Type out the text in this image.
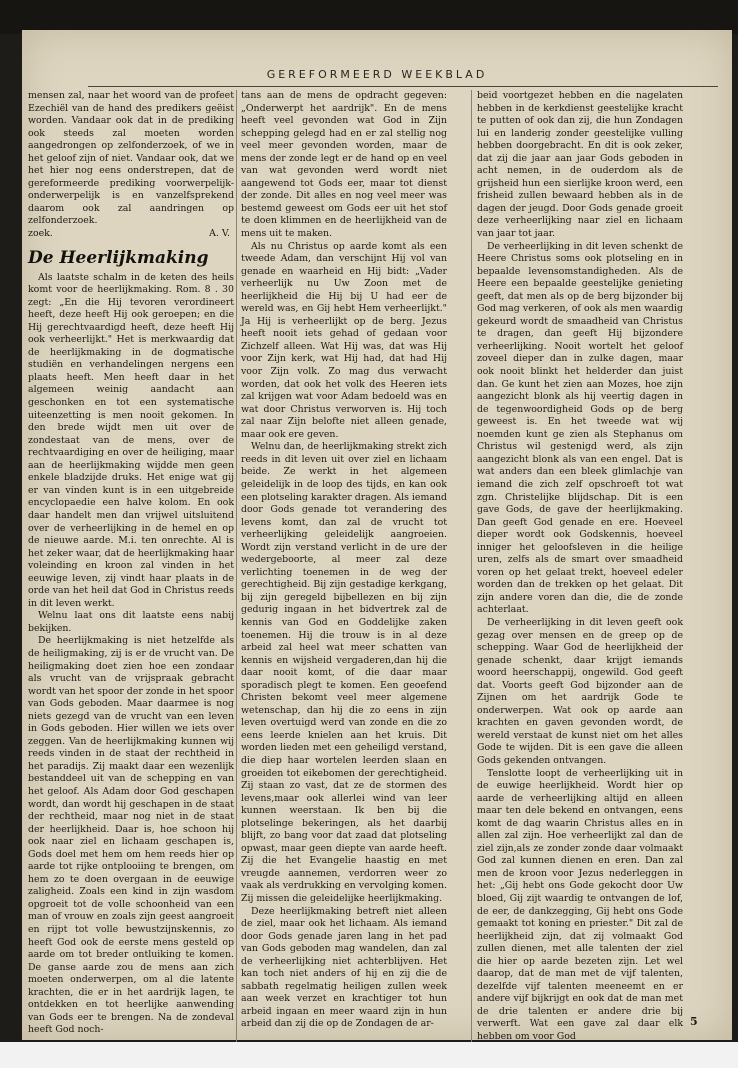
GEREFORMEERD WEEKBLAD

mensen zal, naar het woord van de profeet Ezechiël van de hand des predikers geëist worden. Vandaar ook dat in de prediking ook steeds zal moeten worden aangedrongen op zelfonderzoek, of we in het geloof zijn of niet. Vandaar ook, dat we het hier nog eens onderstrepen, dat de gereformeerde prediking voorwerpelijk-onderwerpelijk is en vanzelfsprekend daarom ook zal aandringen op zelfonderzoek.

zoek.	A. V.
De Heerlijkmaking

Als laatste schalm in de keten des heils komt voor de heerlijkmaking. Rom. 8 . 30 zegt: „En die Hij tevoren verordineert heeft, deze heeft Hij ook geroepen; en die Hij gerechtvaardigd heeft, deze heeft Hij ook verheerlijkt." Het is merkwaardig dat de heerlijkmaking in de dogmatische studiën en verhandelingen nergens een plaats heeft. Men heeft daar in het algemeen weinig aandacht aan geschonken en tot een systematische uiteenzetting is men nooit gekomen. In den brede wijdt men uit over de zondestaat van de mens, over de rechtvaardiging en over de heiliging, maar aan de heerlijkmaking wijdde men geen enkele bladzijde druks. Het enige wat gij er van vinden kunt is in een uitgebreide encyclopaedie een halve kolom. En ook daar handelt men dan vrijwel uitsluitend over de verheerlijking in de hemel en op de nieuwe aarde. M.i. ten onrechte. Al is het zeker waar, dat de heerlijkmaking haar voleinding en kroon zal vinden in het eeuwige leven, zij vindt haar plaats in de orde van het heil dat God in Christus reeds in dit leven werkt.

Welnu laat ons dit laatste eens nabij bekijken.

De heerlijkmaking is niet hetzelfde als de heiligmaking, zij is er de vrucht van. De heiligmaking doet zien hoe een zondaar als vrucht van de vrijspraak gebracht wordt van het spoor der zonde in het spoor van Gods geboden. Maar daarmee is nog niets gezegd van de vrucht van een leven in Gods geboden. Hier willen we iets over zeggen. Van de heerlijkmaking kunnen wij reeds vinden in de staat der rechtheid in het paradijs. Zij maakt daar een wezenlijk bestanddeel uit van de schepping en van het geloof. Als Adam door God geschapen wordt, dan wordt hij geschapen in de staat der rechtheid, maar nog niet in de staat der heerlijkheid. Daar is, hoe schoon hij ook naar ziel en lichaam geschapen is, Gods doel met hem om hem reeds hier op aarde tot rijke ontplooiing te brengen, om hem zo te doen overgaan in de eeuwige zaligheid. Zoals een kind in zijn wasdom opgroeit tot de volle schoonheid van een man of vrouw en zoals zijn geest aangroeit en rijpt tot volle bewustzijnskennis, zo heeft God ook de eerste mens gesteld op aarde om tot breder ontluiking te komen. De ganse aarde zou de mens aan zich moeten onderwerpen, om al die latente krachten, die er in het aardrijk lagen, te ontdekken en tot heerlijke aanwending van Gods eer te brengen. Na de zondeval heeft God noch-

tans aan de mens de opdracht gegeven: „Onderwerpt het aardrijk". En de mens heeft veel gevonden wat God in Zijn schepping gelegd had en er zal stellig nog veel meer gevonden worden, maar de mens der zonde legt er de hand op en veel van wat gevonden werd wordt niet aangewend tot Gods eer, maar tot dienst der zonde. Dit alles en nog veel meer was bestemd geweest om Gods eer uit het stof te doen klimmen en de heerlijkheid van de mens uit te maken.

Als nu Christus op aarde komt als een tweede Adam, dan verschijnt Hij vol van genade en waarheid en Hij bidt: „Vader verheerlijk nu Uw Zoon met de heerlijkheid die Hij bij U had eer de wereld was, en Gij hebt Hem verheerlijkt." Ja Hij is verheerlijkt op de berg. Jezus heeft nooit iets gehad of gedaan voor Zichzelf alleen. Wat Hij was, dat was Hij voor Zijn kerk, wat Hij had, dat had Hij voor Zijn volk. Zo mag dus verwacht worden, dat ook het volk des Heeren iets zal krijgen wat voor Adam bedoeld was en wat door Christus verworven is. Hij toch zal naar Zijn belofte niet alleen genade, maar ook ere geven.

Welnu dan, de heerlijkmaking strekt zich reeds in dit leven uit over ziel en lichaam beide. Ze werkt in het algemeen geleidelijk in de loop des tijds, en kan ook een plotseling karakter dragen. Als iemand door Gods genade tot verandering des levens komt, dan zal de vrucht tot verheerlijking geleidelijk aangroeien. Wordt zijn verstand verlicht in de ure der wedergeboorte, al meer zal deze verlichting toenemen in de weg der gerechtigheid. Bij zijn gestadige kerkgang, bij zijn geregeld bijbellezen en bij zijn gedurig ingaan in het bidvertrek zal de kennis van God en Goddelijke zaken toenemen. Hij die trouw is in al deze arbeid zal heel wat meer schatten van kennis en wijsheid vergaderen,dan hij die daar nooit komt, of die daar maar sporadisch plegt te komen. Een geoefend Christen bekomt veel meer algemene wetenschap, dan hij die zo eens in zijn leven overtuigd werd van zonde en die zo eens leerde knielen aan het kruis. Dit worden lieden met een geheiligd verstand, die diep haar wortelen leerden slaan en groeiden tot eikebomen der gerechtigheid. Zij staan zo vast, dat ze de stormen des levens,maar ook allerlei wind van leer kunnen weerstaan. Ik ben bij die plotselinge bekeringen, als het daarbij blijft, zo bang voor dat zaad dat plotseling opwast, maar geen diepte van aarde heeft. Zij die het Evangelie haastig en met vreugde aannemen, verdorren weer zo vaak als verdrukking en vervolging komen. Zij missen die geleidelijke heerlijkmaking.

Deze heerlijkmaking betreft niet alleen de ziel, maar ook het lichaam. Als iemand door Gods genade jaren lang in het pad van Gods geboden mag wandelen, dan zal de verheerlijking niet achterblijven. Het kan toch niet anders of hij en zij die de sabbath regelmatig heiligen zullen week aan week verzet en krachtiger tot hun arbeid ingaan en meer waard zijn in hun arbeid dan zij die op de Zondagen de ar-

beid voortgezet hebben en die nagelaten hebben in de kerkdienst geestelijke kracht te putten of ook dan zij, die hun Zondagen lui en landerig zonder geestelijke vulling hebben doorgebracht. En dit is ook zeker, dat zij die jaar aan jaar Gods geboden in acht nemen, in de ouderdom als de grijsheid hun een sierlijke kroon werd, een frisheid zullen bewaard hebben als in de dagen der jeugd. Door Gods genade groeit deze verheerlijking naar ziel en lichaam van jaar tot jaar.

De verheerlijking in dit leven schenkt de Heere Christus soms ook plotseling en in bepaalde levensomstandigheden. Als de Heere een bepaalde geestelijke genieting geeft, dat men als op de berg bijzonder bij God mag verkeren, of ook als men waardig gekeurd wordt de smaadheid van Christus te dragen, dan geeft Hij bijzondere verheerlijking. Nooit wortelt het geloof zoveel dieper dan in zulke dagen, maar ook nooit blinkt het helderder dan juist dan. Ge kunt het zien aan Mozes, hoe zijn aangezicht blonk als hij veertig dagen in de tegenwoordigheid Gods op de berg geweest is. En het tweede wat wij noemden kunt ge zien als Stephanus om Christus wil gestenigd werd, als zijn aangezicht blonk als van een engel. Dat is wat anders dan een bleek glimlachje van iemand die zich zelf opschroeft tot wat zgn. Christelijke blijdschap. Dit is een gave Gods, de gave der heerlijkmaking. Dan geeft God genade en ere. Hoeveel dieper wordt ook Godskennis, hoeveel inniger het geloofsleven in die heilige uren, zelfs als de smart over smaadheid voren op het gelaat trekt, hoeveel edeler worden dan de trekken op het gelaat. Dit zijn andere voren dan die, die de zonde achterlaat.

De verheerlijking in dit leven geeft ook gezag over mensen en de greep op de schepping. Waar God de heerlijkheid der genade schenkt, daar krijgt iemands woord heerschappij, ongewild. God geeft dat. Voorts geeft God bijzonder aan de Zijnen om het aardrijk Gode te onderwerpen. Wat ook op aarde aan krachten en gaven gevonden wordt, de wereld verstaat de kunst niet om het alles Gode te wijden. Dit is een gave die alleen Gods gekenden ontvangen.

Tenslotte loopt de verheerlijking uit in de euwige heerlijkheid. Wordt hier op aarde de verheerlijking altijd en alleen maar ten dele bekend en ontvangen, eens komt de dag waarin Christus alles en in allen zal zijn. Hoe verheerlijkt zal dan de ziel zijn,als ze zonder zonde daar volmaakt God zal kunnen dienen en eren. Dan zal men de kroon voor Jezus nederleggen in het: „Gij hebt ons Gode gekocht door Uw bloed, Gij zijt waardig te ontvangen de lof, de eer, de dankzegging, Gij hebt ons Gode gemaakt tot koning en priester." Dit zal de heerlijkheid zijn, dat zij volmaakt God zullen dienen, met alle talenten der ziel die hier op aarde bezeten zijn. Let wel daarop, dat de man met de vijf talenten, dezelfde vijf talenten meeneemt en er andere vijf bijkrijgt en ook dat de man met de drie talenten er andere drie bij verwerft. Wat een gave zal daar elk hebben om voor God

5
